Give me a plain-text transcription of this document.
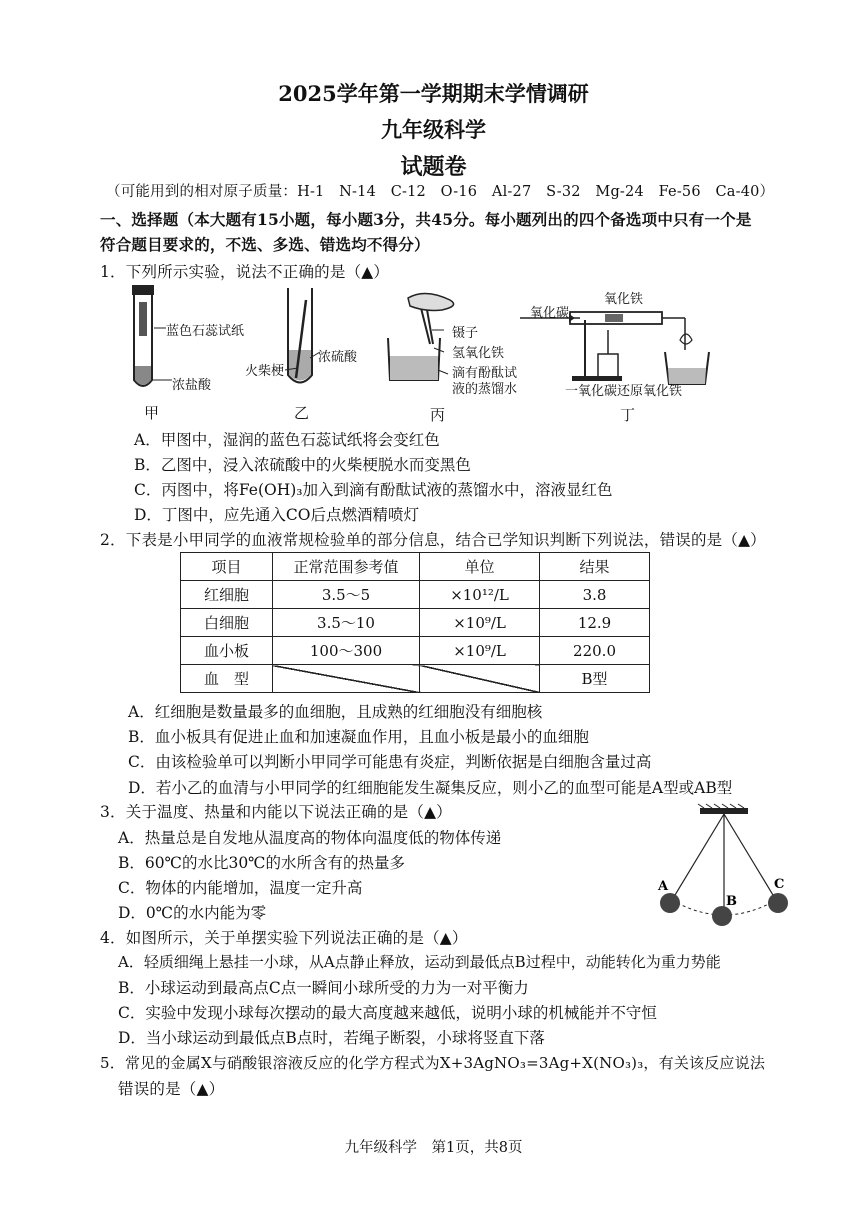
2025学年第一学期期末学情调研
九年级科学
试题卷
（可能用到的相对原子质量：H-1　N-14　C-12　O-16　Al-27　S-32　Mg-24　Fe-56　Ca-40）
一、选择题（本大题有15小题，每小题3分，共45分。每小题列出的四个备选项中只有一个是
符合题目要求的，不选、多选、错选均不得分）
1．下列所示实验，说法不正确的是（▲）
蓝色石蕊试纸
浓盐酸
火柴梗
浓硫酸
镊子
氢氧化铁
滴有酚酞试
液的蒸馏水
氧化碳
氧化铁
一氧化碳还原氧化铁
甲	乙	丙	丁
A．甲图中，湿润的蓝色石蕊试纸将会变红色
B．乙图中，浸入浓硫酸中的火柴梗脱水而变黑色
C．丙图中，将Fe(OH)₃加入到滴有酚酞试液的蒸馏水中，溶液显红色
D．丁图中，应先通入CO后点燃酒精喷灯
2．下表是小甲同学的血液常规检验单的部分信息，结合已学知识判断下列说法，错误的是（▲）
项目	正常范围参考值	单位	结果
红细胞	3.5～5	×10¹²/L	3.8
白细胞	3.5～10	×10⁹/L	12.9
血小板	100～300	×10⁹/L	220.0
血　型			B型
A．红细胞是数量最多的血细胞，且成熟的红细胞没有细胞核
B．血小板具有促进止血和加速凝血作用，且血小板是最小的血细胞
C．由该检验单可以判断小甲同学可能患有炎症，判断依据是白细胞含量过高
D．若小乙的血清与小甲同学的红细胞能发生凝集反应，则小乙的血型可能是A型或AB型
3．关于温度、热量和内能以下说法正确的是（▲）
A．热量总是自发地从温度高的物体向温度低的物体传递
B．60℃的水比30℃的水所含有的热量多
C．物体的内能增加，温度一定升高
D．0℃的水内能为零
A
B
C
4．如图所示，关于单摆实验下列说法正确的是（▲）
A．轻质细绳上悬挂一小球，从A点静止释放，运动到最低点B过程中，动能转化为重力势能
B．小球运动到最高点C点一瞬间小球所受的力为一对平衡力
C．实验中发现小球每次摆动的最大高度越来越低，说明小球的机械能并不守恒
D．当小球运动到最低点B点时，若绳子断裂，小球将竖直下落
5．常见的金属X与硝酸银溶液反应的化学方程式为X+3AgNO₃=3Ag+X(NO₃)₃，有关该反应说法
错误的是（▲）
九年级科学　第1页，共8页
